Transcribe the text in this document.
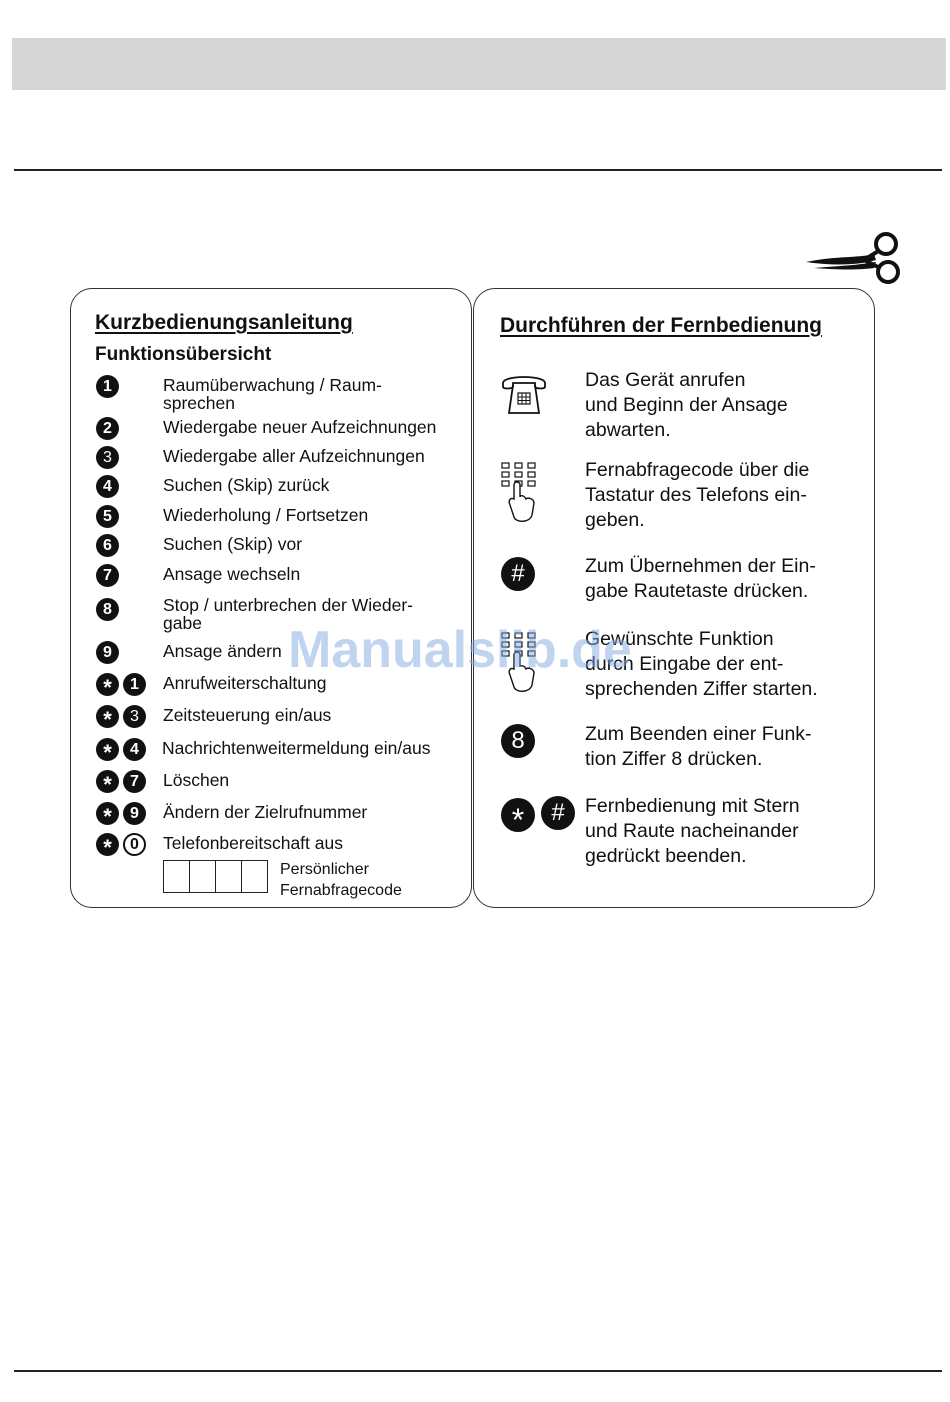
Kurzbedienungsanleitung
Funktionsübersicht
1	Raumüberwachung / Raum-
sprechen
2	Wiedergabe neuer Aufzeichnungen
3	Wiedergabe aller Aufzeichnungen
4	Suchen (Skip) zurück
5	Wiederholung / Fortsetzen
6	Suchen (Skip) vor
7	Ansage wechseln
8	Stop / unterbrechen der Wieder-
gabe
9	Ansage ändern
*	1	Anrufweiterschaltung
*	3	Zeitsteuerung ein/aus
*	4	Nachrichtenweitermeldung ein/aus
*	7	Löschen
*	9	Ändern der Zielrufnummer
*	0	Telefonbereitschaft aus
Persönlicher
Fernabfragecode
Durchführen der Fernbedienung
Das Gerät anrufen
und Beginn der Ansage
abwarten.
Fernabfragecode über die
Tastatur des Telefons ein-
geben.
#	Zum Übernehmen der Ein-
gabe Rautetaste drücken.
Gewünschte Funktion
durch Eingabe der ent-
sprechenden Ziffer starten.
8	Zum Beenden einer Funk-
tion Ziffer 8 drücken.
*	#	Fernbedienung mit Stern
und Raute nacheinander
gedrückt beenden.
Manualslib.de
